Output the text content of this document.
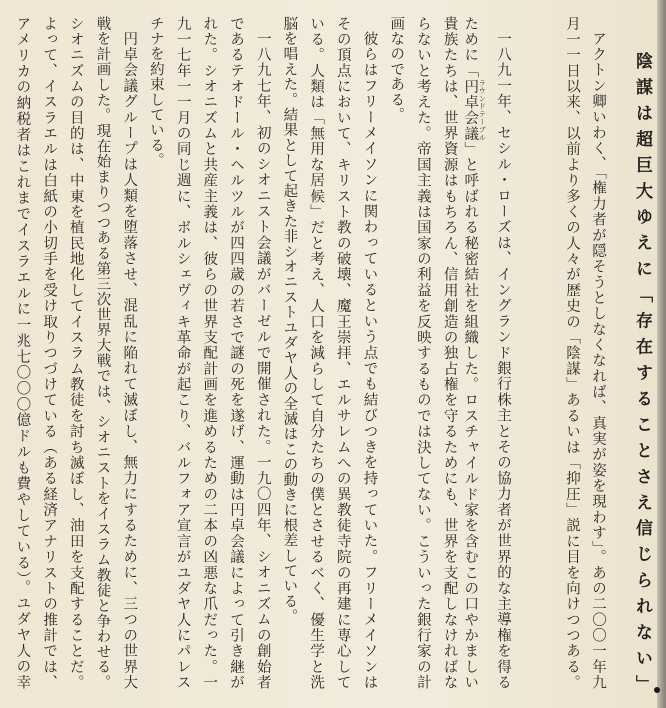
陰謀は超巨大ゆえに「存在することさえ信じられない」
アクトン卿いわく、「権力者が隠そうとしなくなれば、真実が姿を現わす」。あの二〇〇一年九
月一一日以来、以前より多くの人々が歴史の「陰謀」あるいは「抑圧」説に目を向けつつある。
一八九一年、セシル・ローズは、イングランド銀行株主とその協力者が世界的な主導権を得る
ために「円卓会議 ラウンドテーブル」と呼ばれる秘密結社を組織した。ロスチャイルド家を含むこの口やかましい
貴族たちは、世界資源はもちろん、信用創造の独占権を守るためにも、世界を支配しなければな
らないと考えた。帝国主義は国家の利益を反映するものでは決してない。こういった銀行家の計
画なのである。
彼らはフリーメイソンに関わっているという点でも結びつきを持っていた。フリーメイソンは
その頂点において、キリスト教の破壊、魔王崇拝、エルサレムへの異教徒寺院の再建に専心して
いる。人類は「無用な居候」だと考え、人口を減らして自分たちの僕とさせるべく、優生学と洗
脳を唱えた。結果として起きた非シオニストユダヤ人の全滅はこの動きに根差している。
一八九七年、初のシオニスト会議がバーゼルで開催された。一九〇四年、シオニズムの創始者
であるテオドール・ヘルツルが四四歳の若さで謎の死を遂げ、運動は円卓会議によって引き継が
れた。シオニズムと共産主義は、彼らの世界支配計画を進めるための二本の凶悪な爪だった。一
九一七年一一月の同じ週に、ボルシェヴィキ革命が起こり、バルフォア宣言がユダヤ人にパレス
チナを約束している。
円卓会議グループは人類を堕落させ、混乱に陥れて滅ぼし、無力にするために、三つの世界大
戦を計画した。現在始まりつつある第三次世界大戦では、シオニストをイスラム教徒と争わせる。
シオニズムの目的は、中東を植民地化してイスラム教徒を討ち滅ぼし、油田を支配することだ。
よって、イスラエルは白紙の小切手を受け取りつづけている（ある経済アナリストの推計では、
アメリカの納税者はこれまでイスラエルに一兆七〇〇〇億ドルも費やしている）。ユダヤ人の幸
